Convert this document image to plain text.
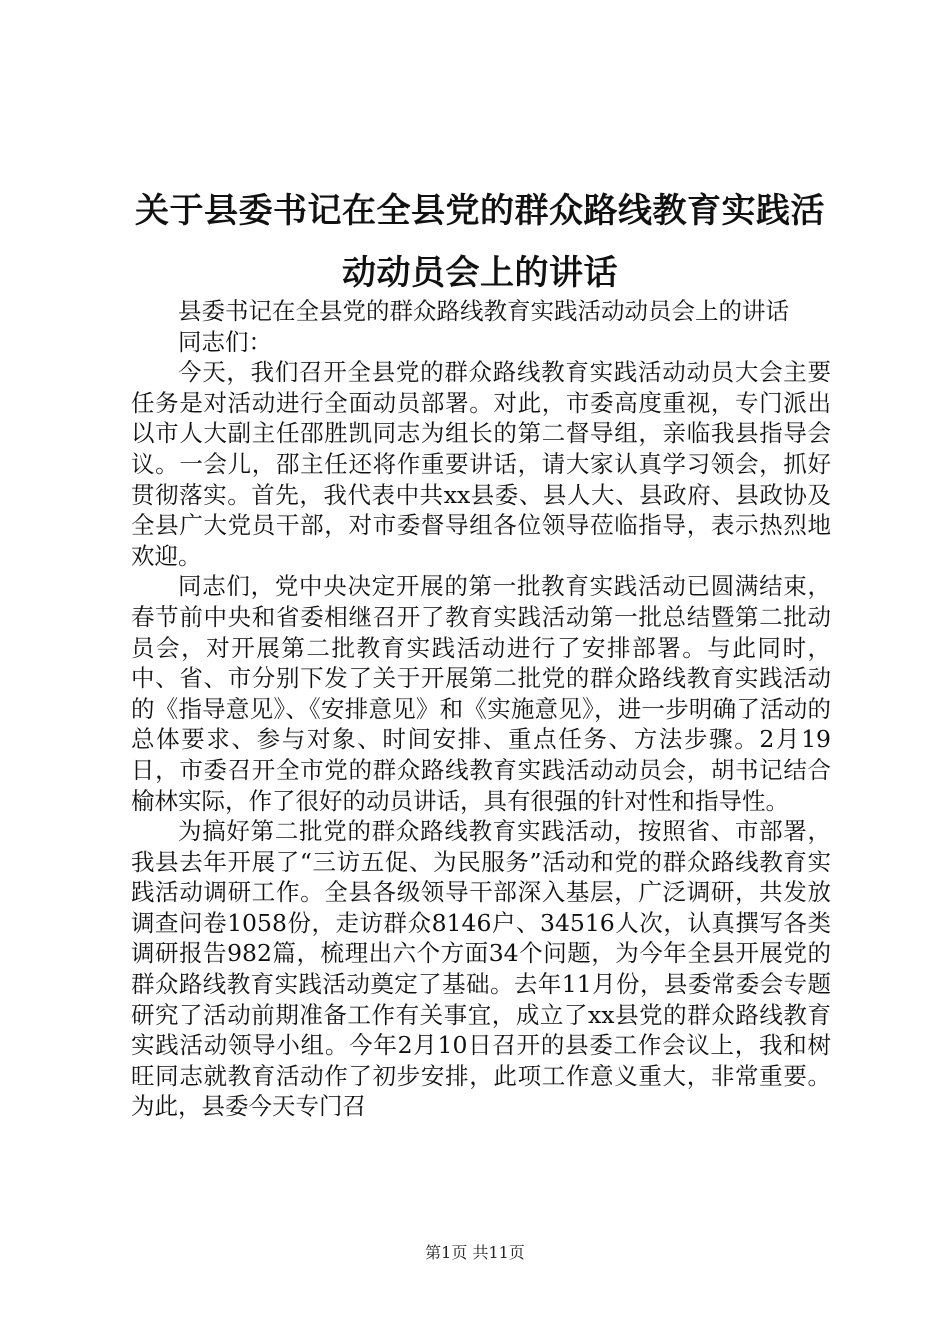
关于县委书记在全县党的群众路线教育实践活
动动员会上的讲话

县委书记在全县党的群众路线教育实践活动动员会上的讲话

同志们：

今天，我们召开全县党的群众路线教育实践活动动员大会主要任务是对活动进行全面动员部署。对此，市委高度重视，专门派出以市人大副主任邵胜凯同志为组长的第二督导组，亲临我县指导会议。一会儿，邵主任还将作重要讲话，请大家认真学习领会，抓好贯彻落实。首先，我代表中共xx县委、县人大、县政府、县政协及全县广大党员干部，对市委督导组各位领导莅临指导，表示热烈地欢迎。

同志们，党中央决定开展的第一批教育实践活动已圆满结束，春节前中央和省委相继召开了教育实践活动第一批总结暨第二批动员会，对开展第二批教育实践活动进行了安排部署。与此同时，中、省、市分别下发了关于开展第二批党的群众路线教育实践活动的《指导意见》、《安排意见》和《实施意见》，进一步明确了活动的总体要求、参与对象、时间安排、重点任务、方法步骤。2月19日，市委召开全市党的群众路线教育实践活动动员会，胡书记结合榆林实际，作了很好的动员讲话，具有很强的针对性和指导性。

为搞好第二批党的群众路线教育实践活动，按照省、市部署，我县去年开展了“三访五促、为民服务”活动和党的群众路线教育实践活动调研工作。全县各级领导干部深入基层，广泛调研，共发放调查问卷1058份，走访群众8146户、34516人次，认真撰写各类调研报告982篇，梳理出六个方面34个问题，为今年全县开展党的群众路线教育实践活动奠定了基础。去年11月份，县委常委会专题研究了活动前期准备工作有关事宜，成立了xx县党的群众路线教育实践活动领导小组。今年2月10日召开的县委工作会议上，我和树旺同志就教育活动作了初步安排，此项工作意义重大，非常重要。为此，县委今天专门召

第1页 共11页
